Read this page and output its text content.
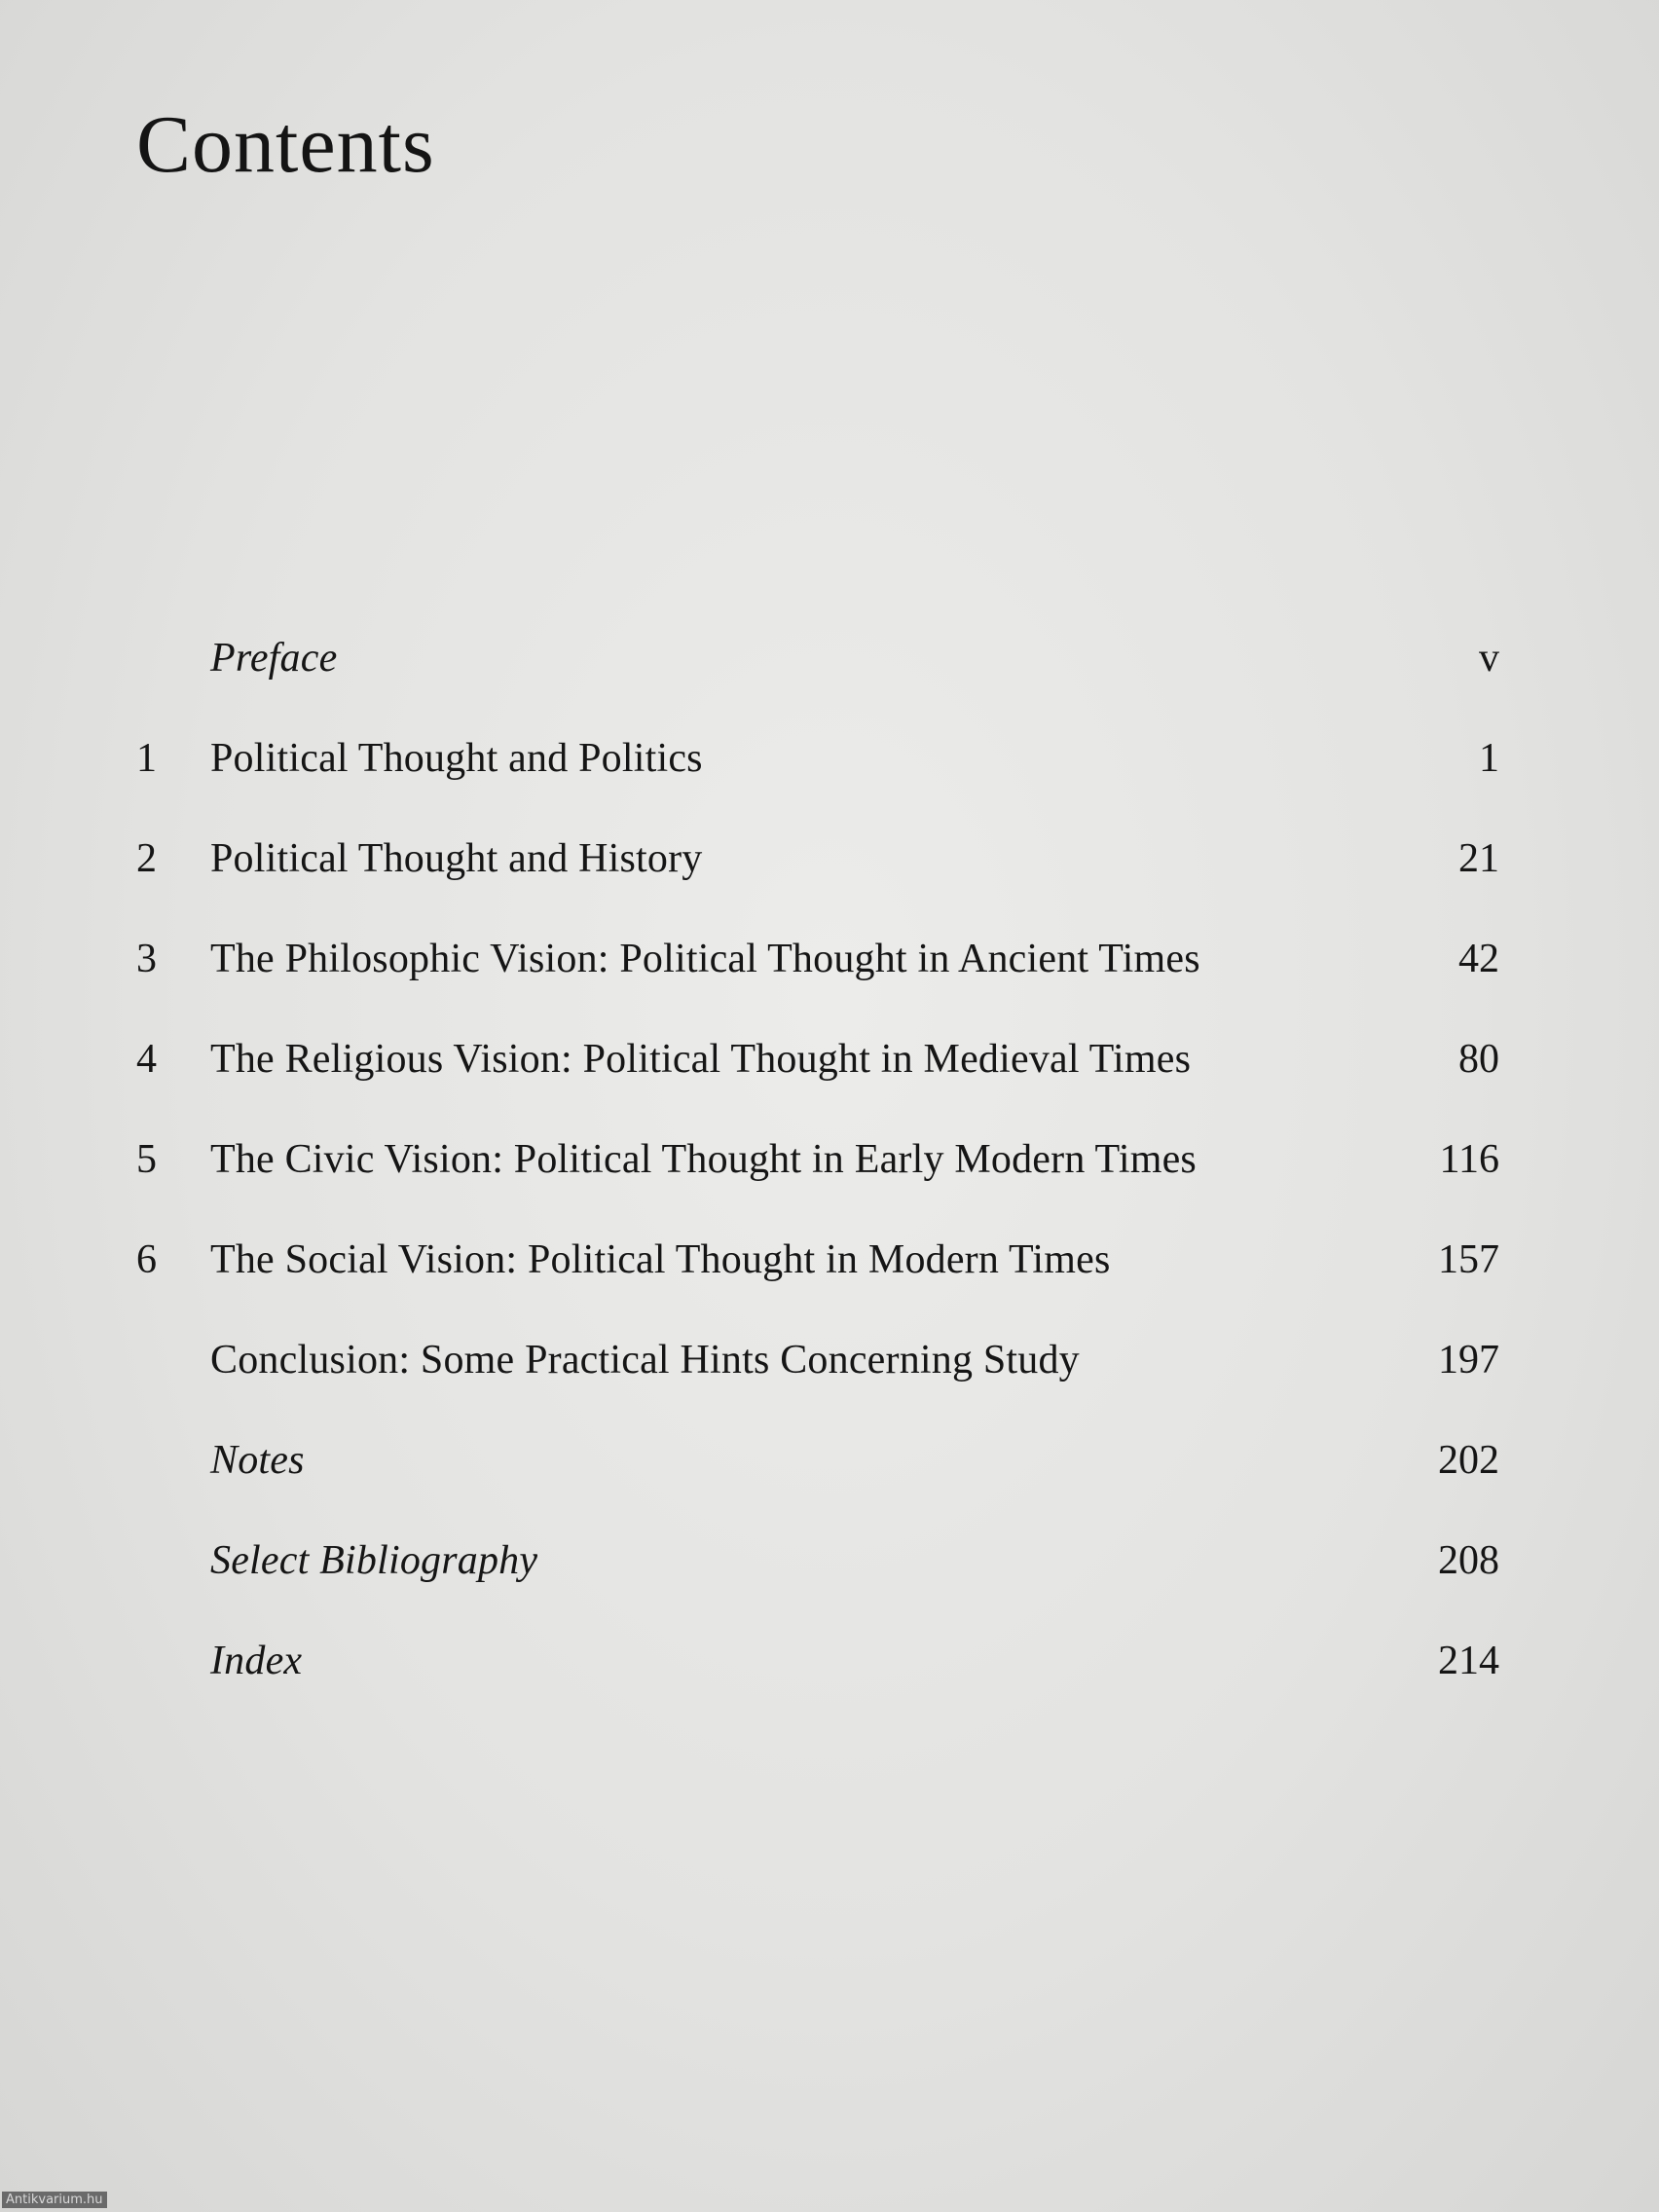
Contents
Preface	v
1	Political Thought and Politics	1
2	Political Thought and History	21
3	The Philosophic Vision: Political Thought in Ancient Times	42
4	The Religious Vision: Political Thought in Medieval Times	80
5	The Civic Vision: Political Thought in Early Modern Times	116
6	The Social Vision: Political Thought in Modern Times	157
Conclusion: Some Practical Hints Concerning Study	197
Notes	202
Select Bibliography	208
Index	214
Antikvarium.hu
